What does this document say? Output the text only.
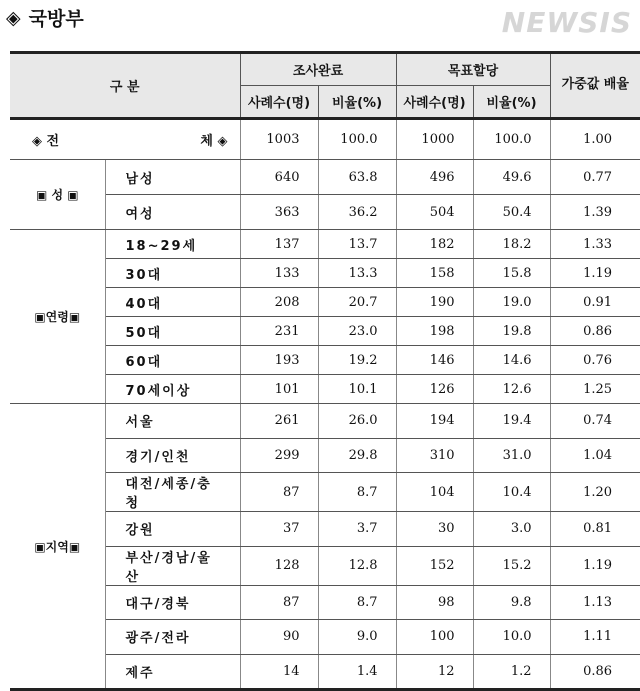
◈ 국방부	NEWSIS
구 분		조사완료		목표할당		가중값 배율
		사례수(명)	비율(%)	사례수(명)	비율(%)	
◈ 전 체 ◈		1003	100.0	1000	100.0	1.00
▣ 성 ▣	남성	640	63.8	496	49.6	0.77
	여성	363	36.2	504	50.4	1.39
▣연령▣	18~29세	137	13.7	182	18.2	1.33
	30대	133	13.3	158	15.8	1.19
	40대	208	20.7	190	19.0	0.91
	50대	231	23.0	198	19.8	0.86
	60대	193	19.2	146	14.6	0.76
	70세이상	101	10.1	126	12.6	1.25
▣지역▣	서울	261	26.0	194	19.4	0.74
	경기/인천	299	29.8	310	31.0	1.04
	대전/세종/충청	87	8.7	104	10.4	1.20
	강원	37	3.7	30	3.0	0.81
	부산/경남/울산	128	12.8	152	15.2	1.19
	대구/경북	87	8.7	98	9.8	1.13
	광주/전라	90	9.0	100	10.0	1.11
	제주	14	1.4	12	1.2	0.86
